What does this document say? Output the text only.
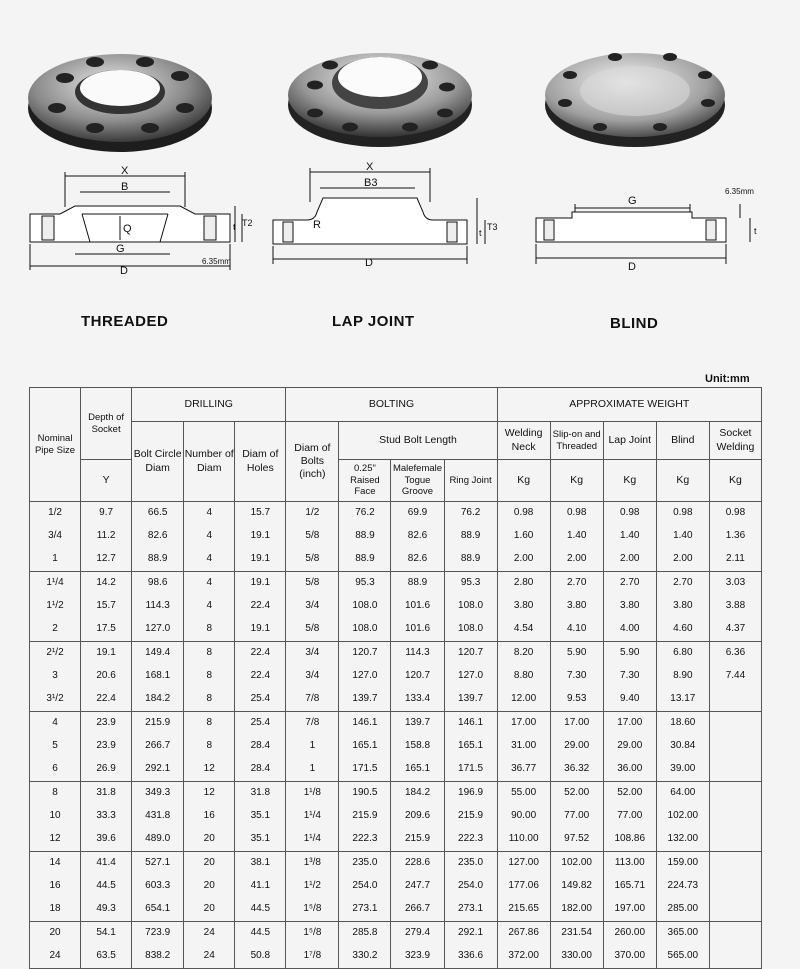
X
B
Q	t T2
G
D
6.35mm
X
B3
R	T3
t
D
G
6.35mm
t
D
THREADED	LAP JOINT	BLIND
Unit:mm
Nominal Pipe Size	Depth of Socket	DRILLING			BOLTING				APPROXIMATE WEIGHT				
		Bolt Circle Diam	Number of Diam	Diam of Holes	Diam of Bolts (inch)	Stud Bolt Length			Welding Neck	Slip-on and Threaded	Lap Joint	Blind	Socket Welding
	Y					0.25" Raised Face	Malefemale Togue Groove	Ring Joint	Kg	Kg	Kg	Kg	Kg
1/2	9.7	66.5	4	15.7	1/2	76.2	69.9	76.2	0.98	0.98	0.98	0.98	0.98
3/4	11.2	82.6	4	19.1	5/8	88.9	82.6	88.9	1.60	1.40	1.40	1.40	1.36
1	12.7	88.9	4	19.1	5/8	88.9	82.6	88.9	2.00	2.00	2.00	2.00	2.11
1¹/4	14.2	98.6	4	19.1	5/8	95.3	88.9	95.3	2.80	2.70	2.70	2.70	3.03
1¹/2	15.7	114.3	4	22.4	3/4	108.0	101.6	108.0	3.80	3.80	3.80	3.80	3.88
2	17.5	127.0	8	19.1	5/8	108.0	101.6	108.0	4.54	4.10	4.00	4.60	4.37
2¹/2	19.1	149.4	8	22.4	3/4	120.7	114.3	120.7	8.20	5.90	5.90	6.80	6.36
3	20.6	168.1	8	22.4	3/4	127.0	120.7	127.0	8.80	7.30	7.30	8.90	7.44
3¹/2	22.4	184.2	8	25.4	7/8	139.7	133.4	139.7	12.00	9.53	9.40	13.17	
4	23.9	215.9	8	25.4	7/8	146.1	139.7	146.1	17.00	17.00	17.00	18.60	
5	23.9	266.7	8	28.4	1	165.1	158.8	165.1	31.00	29.00	29.00	30.84	
6	26.9	292.1	12	28.4	1	171.5	165.1	171.5	36.77	36.32	36.00	39.00	
8	31.8	349.3	12	31.8	1¹/8	190.5	184.2	196.9	55.00	52.00	52.00	64.00	
10	33.3	431.8	16	35.1	1¹/4	215.9	209.6	215.9	90.00	77.00	77.00	102.00	
12	39.6	489.0	20	35.1	1¹/4	222.3	215.9	222.3	110.00	97.52	108.86	132.00	
14	41.4	527.1	20	38.1	1³/8	235.0	228.6	235.0	127.00	102.00	113.00	159.00	
16	44.5	603.3	20	41.1	1¹/2	254.0	247.7	254.0	177.06	149.82	165.71	224.73	
18	49.3	654.1	20	44.5	1⁵/8	273.1	266.7	273.1	215.65	182.00	197.00	285.00	
20	54.1	723.9	24	44.5	1⁵/8	285.8	279.4	292.1	267.86	231.54	260.00	365.00	
24	63.5	838.2	24	50.8	1⁷/8	330.2	323.9	336.6	372.00	330.00	370.00	565.00	
